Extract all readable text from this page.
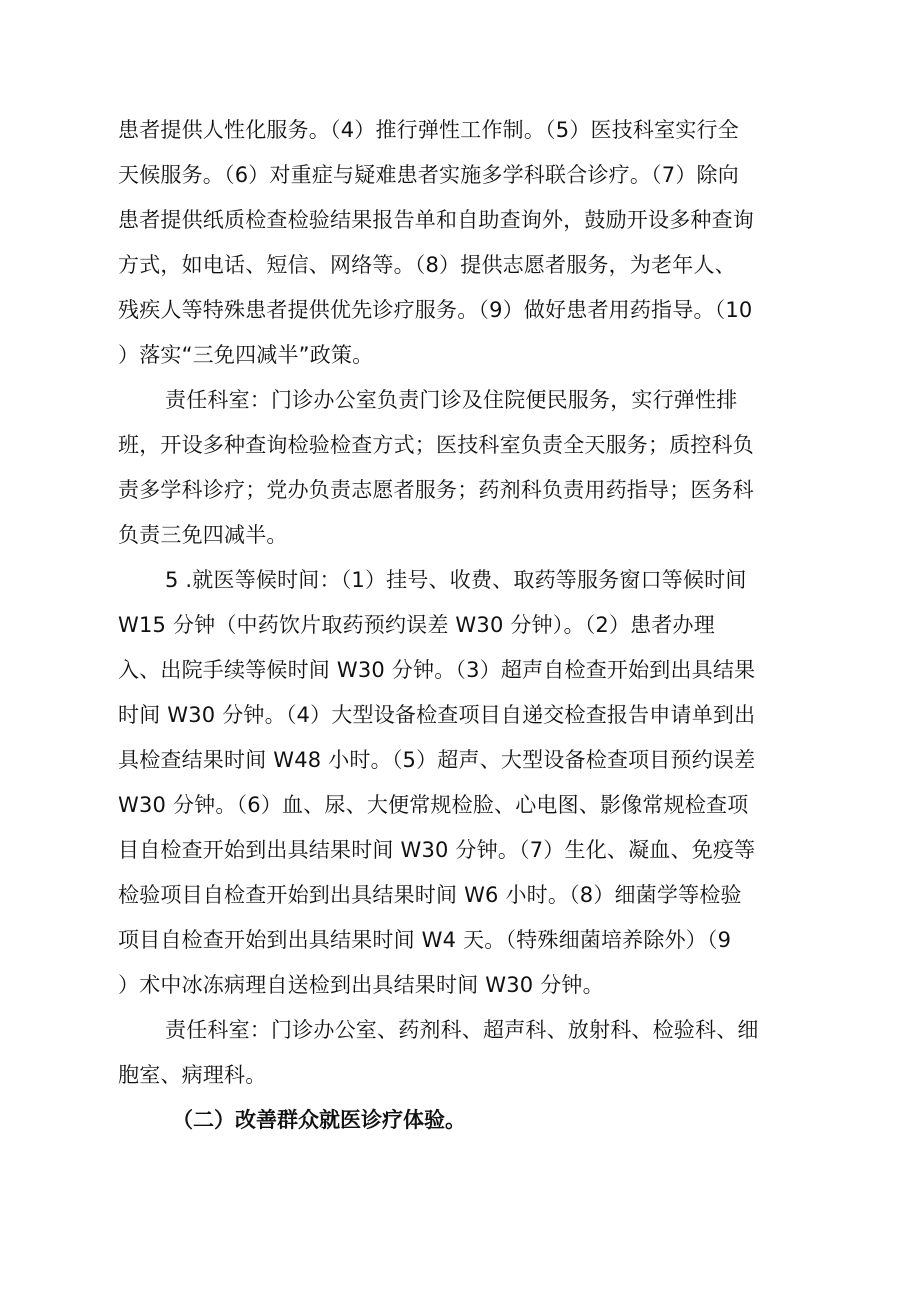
患者提供人性化服务。（4）推行弹性工作制。（5）医技科室实行全
天候服务。（6）对重症与疑难患者实施多学科联合诊疗。（7）除向
患者提供纸质检查检验结果报告单和自助查询外，鼓励开设多种查询
方式，如电话、短信、网络等。（8）提供志愿者服务，为老年人、
残疾人等特殊患者提供优先诊疗服务。（9）做好患者用药指导。（10
）落实“三免四减半”政策。
责任科室：门诊办公室负责门诊及住院便民服务，实行弹性排
班，开设多种查询检验检查方式；医技科室负责全天服务；质控科负
责多学科诊疗；党办负责志愿者服务；药剂科负责用药指导；医务科
负责三免四减半。
5 .就医等候时间：（1）挂号、收费、取药等服务窗口等候时间
W15 分钟（中药饮片取药预约误差 W30 分钟）。（2）患者办理
入、出院手续等候时间 W30 分钟。（3）超声自检查开始到出具结果
时间 W30 分钟。（4）大型设备检查项目自递交检查报告申请单到出
具检查结果时间 W48 小时。（5）超声、大型设备检查项目预约误差
W30 分钟。（6）血、尿、大便常规检脸、心电图、影像常规检查项
目自检查开始到出具结果时间 W30 分钟。（7）生化、凝血、免疫等
检验项目自检查开始到出具结果时间 W6 小时。（8）细菌学等检验
项目自检查开始到出具结果时间 W4 天。（特殊细菌培养除外）（9
）术中冰冻病理自送检到出具结果时间 W30 分钟。
责任科室：门诊办公室、药剂科、超声科、放射科、检验科、细
胞室、病理科。
（二）改善群众就医诊疗体验。
